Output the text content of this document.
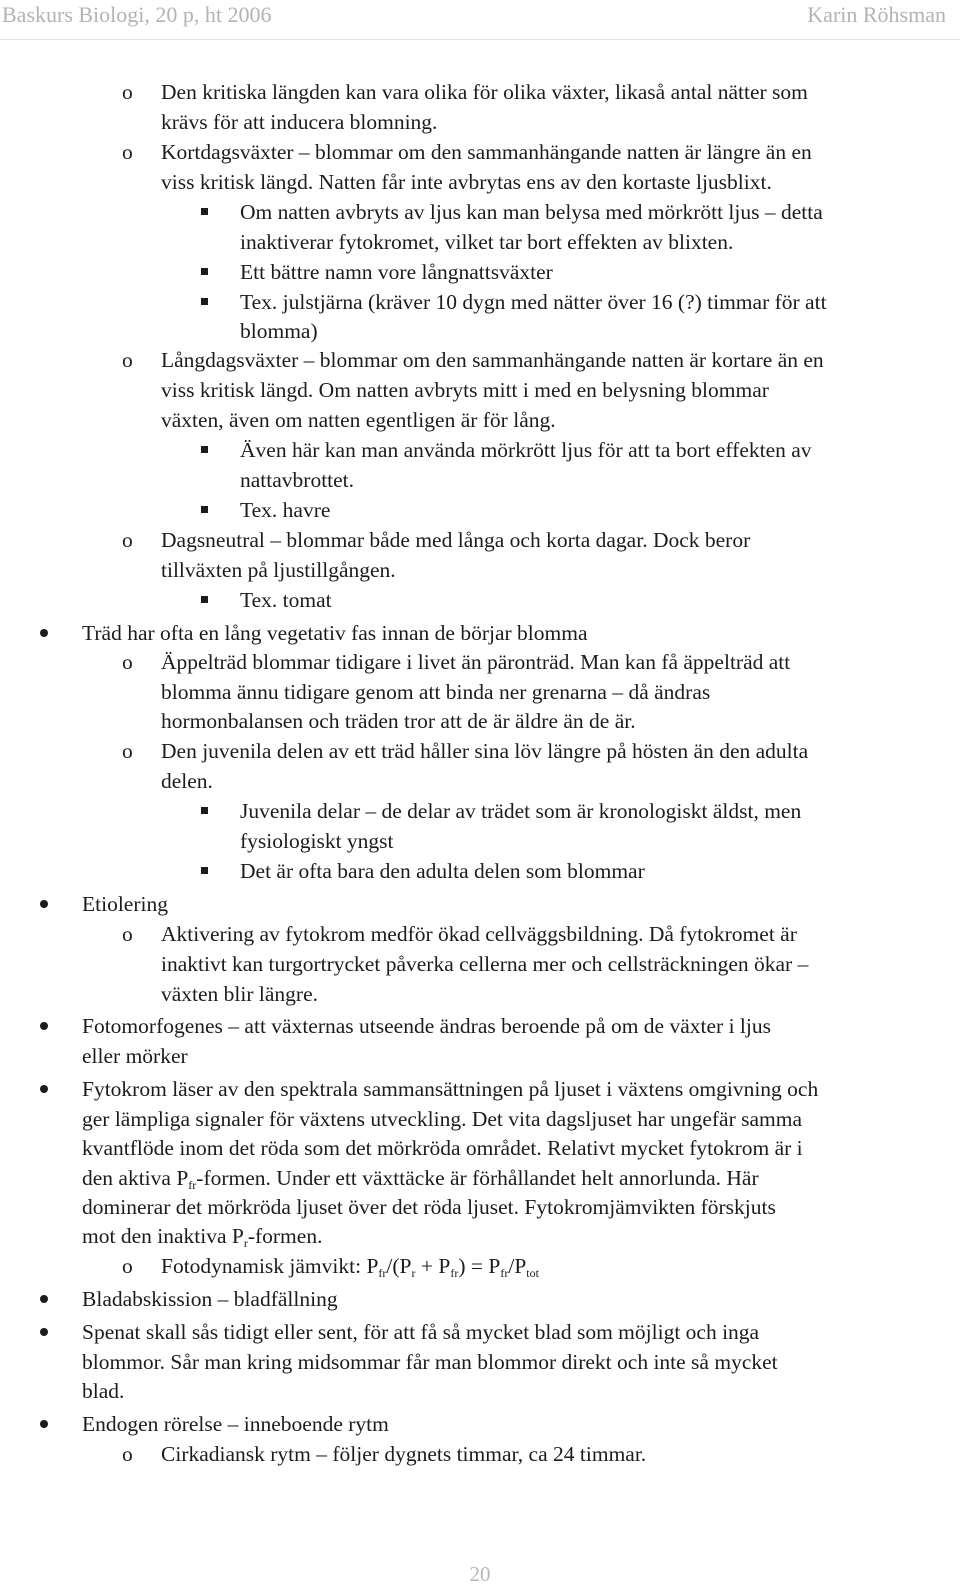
Baskurs Biologi, 20 p, ht 2006	Karin Röhsman
o Den kritiska längden kan vara olika för olika växter, likaså antal nätter som
krävs för att inducera blomning.
o Kortdagsväxter – blommar om den sammanhängande natten är längre än en
viss kritisk längd. Natten får inte avbrytas ens av den kortaste ljusblixt.
Om natten avbryts av ljus kan man belysa med mörkrött ljus – detta
inaktiverar fytokromet, vilket tar bort effekten av blixten.
Ett bättre namn vore långnattsväxter
Tex. julstjärna (kräver 10 dygn med nätter över 16 (?) timmar för att
blomma)
o Långdagsväxter – blommar om den sammanhängande natten är kortare än en
viss kritisk längd. Om natten avbryts mitt i med en belysning blommar
växten, även om natten egentligen är för lång.
Även här kan man använda mörkrött ljus för att ta bort effekten av
nattavbrottet.
Tex. havre
o Dagsneutral – blommar både med långa och korta dagar. Dock beror
tillväxten på ljustillgången.
Tex. tomat
Träd har ofta en lång vegetativ fas innan de börjar blomma
o Äppelträd blommar tidigare i livet än päronträd. Man kan få äppelträd att
blomma ännu tidigare genom att binda ner grenarna – då ändras
hormonbalansen och träden tror att de är äldre än de är.
o Den juvenila delen av ett träd håller sina löv längre på hösten än den adulta
delen.
Juvenila delar – de delar av trädet som är kronologiskt äldst, men
fysiologiskt yngst
Det är ofta bara den adulta delen som blommar
Etiolering
o Aktivering av fytokrom medför ökad cellväggsbildning. Då fytokromet är
inaktivt kan turgortrycket påverka cellerna mer och cellsträckningen ökar –
växten blir längre.
Fotomorfogenes – att växternas utseende ändras beroende på om de växter i ljus
eller mörker
Fytokrom läser av den spektrala sammansättningen på ljuset i växtens omgivning och
ger lämpliga signaler för växtens utveckling. Det vita dagsljuset har ungefär samma
kvantflöde inom det röda som det mörkröda området. Relativt mycket fytokrom är i
den aktiva $P_{fr}$-formen. Under ett växttäcke är förhållandet helt annorlunda. Här
dominerar det mörkröda ljuset över det röda ljuset. Fytokromjämvikten förskjuts
mot den inaktiva $P_r$-formen.
o Fotodynamisk jämvikt: $P_{fr}/(P_r + P_{fr}) = P_{fr}/P_{tot}$
Bladabskission – bladfällning
Spenat skall sås tidigt eller sent, för att få så mycket blad som möjligt och inga
blommor. Sår man kring midsommar får man blommor direkt och inte så mycket
blad.
Endogen rörelse – inneboende rytm
o Cirkadiansk rytm – följer dygnets timmar, ca 24 timmar.
20
